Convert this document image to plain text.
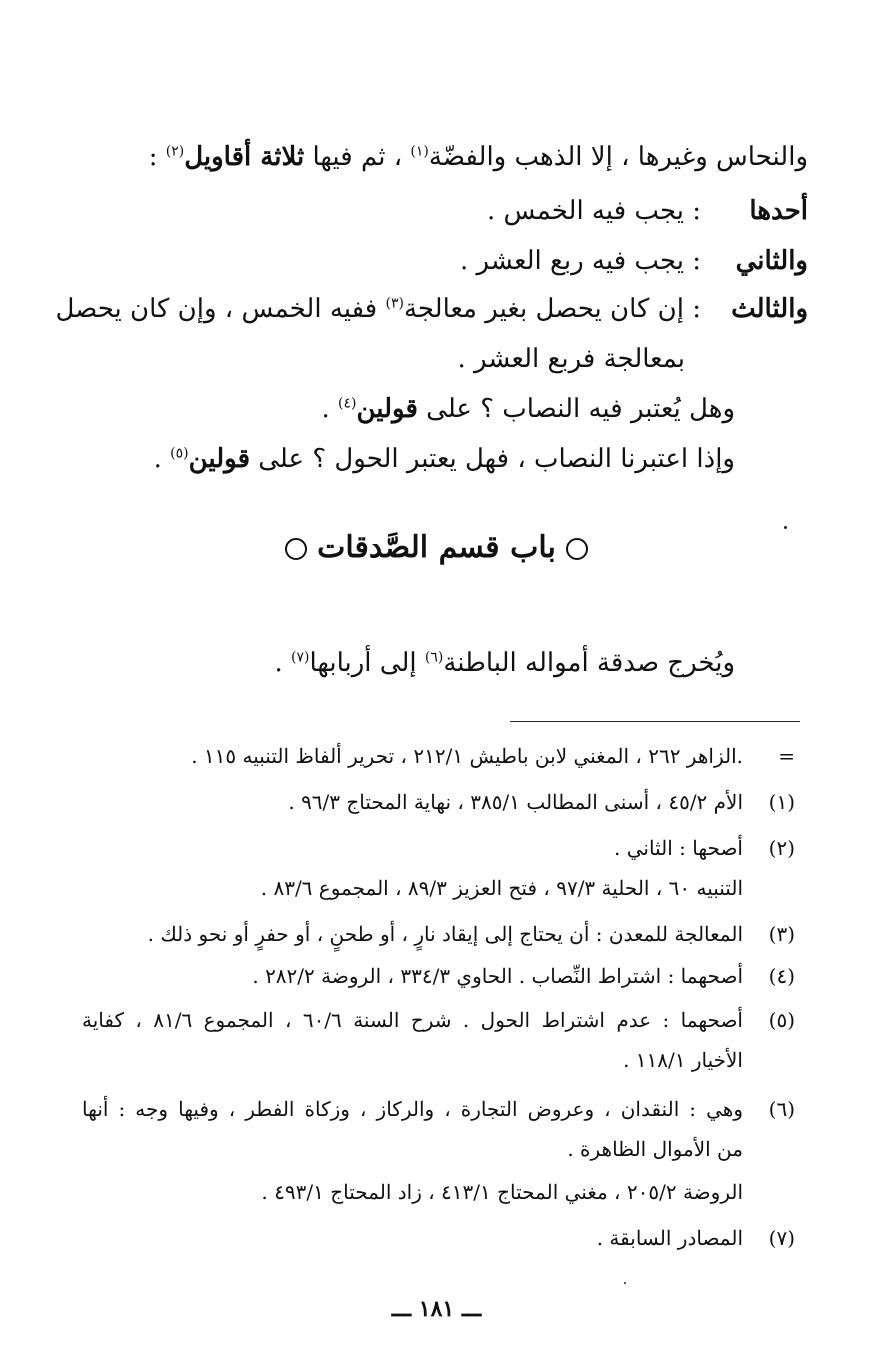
والنحاس وغيرها ، إلا الذهب والفضّة$^{(١)}$ ، ثم فيها ثلاثة أقاويل$^{(٢)}$ :
أحدها
: يجب فيه الخمس .
والثاني
: يجب فيه ربع العشر .
والثالث
: إن كان يحصل بغير معالجة$^{(٣)}$ ففيه الخمس ، وإن كان يحصل
بمعالجة فربع العشر .
وهل يُعتبر فيه النصاب ؟ على قولين$^{(٤)}$ .
وإذا اعتبرنا النصاب ، فهل يعتبر الحول ؟ على قولين$^{(٥)}$ .
باب قسم الصَّدقات
ويُخرج صدقة أمواله الباطنة$^{(٦)}$ إلى أربابها$^{(٧)}$ .
=
.الزاهر ٢٦٢ ، المغني لابن باطيش ٢١٢/١ ، تحرير ألفاظ التنبيه ١١٥ .
(١)
الأم ٤٥/٢ ، أسنى المطالب ٣٨٥/١ ، نهاية المحتاج ٩٦/٣ .
(٢)
أصحها : الثاني .
التنبيه ٦٠ ، الحلية ٩٧/٣ ، فتح العزيز ٨٩/٣ ، المجموع ٨٣/٦ .
(٣)
المعالجة للمعدن : أن يحتاج إلى إيقاد نارٍ ، أو طحنٍ ، أو حفرٍ أو نحو ذلك .
(٤)
أصحهما : اشتراط النِّصاب . الحاوي ٣٣٤/٣ ، الروضة ٢٨٢/٢ .
(٥)
أصحهما : عدم اشتراط الحول . شرح السنة ٦٠/٦ ، المجموع ٨١/٦ ، كفاية
الأخيار ١١٨/١ .
(٦)
وهي : النقدان ، وعروض التجارة ، والركاز ، وزكاة الفطر ، وفيها وجه : أنها
من الأموال الظاهرة .
الروضة ٢٠٥/٢ ، مغني المحتاج ٤١٣/١ ، زاد المحتاج ٤٩٣/١ .
(٧)
المصادر السابقة .
ـــ ١٨١ ـــ
